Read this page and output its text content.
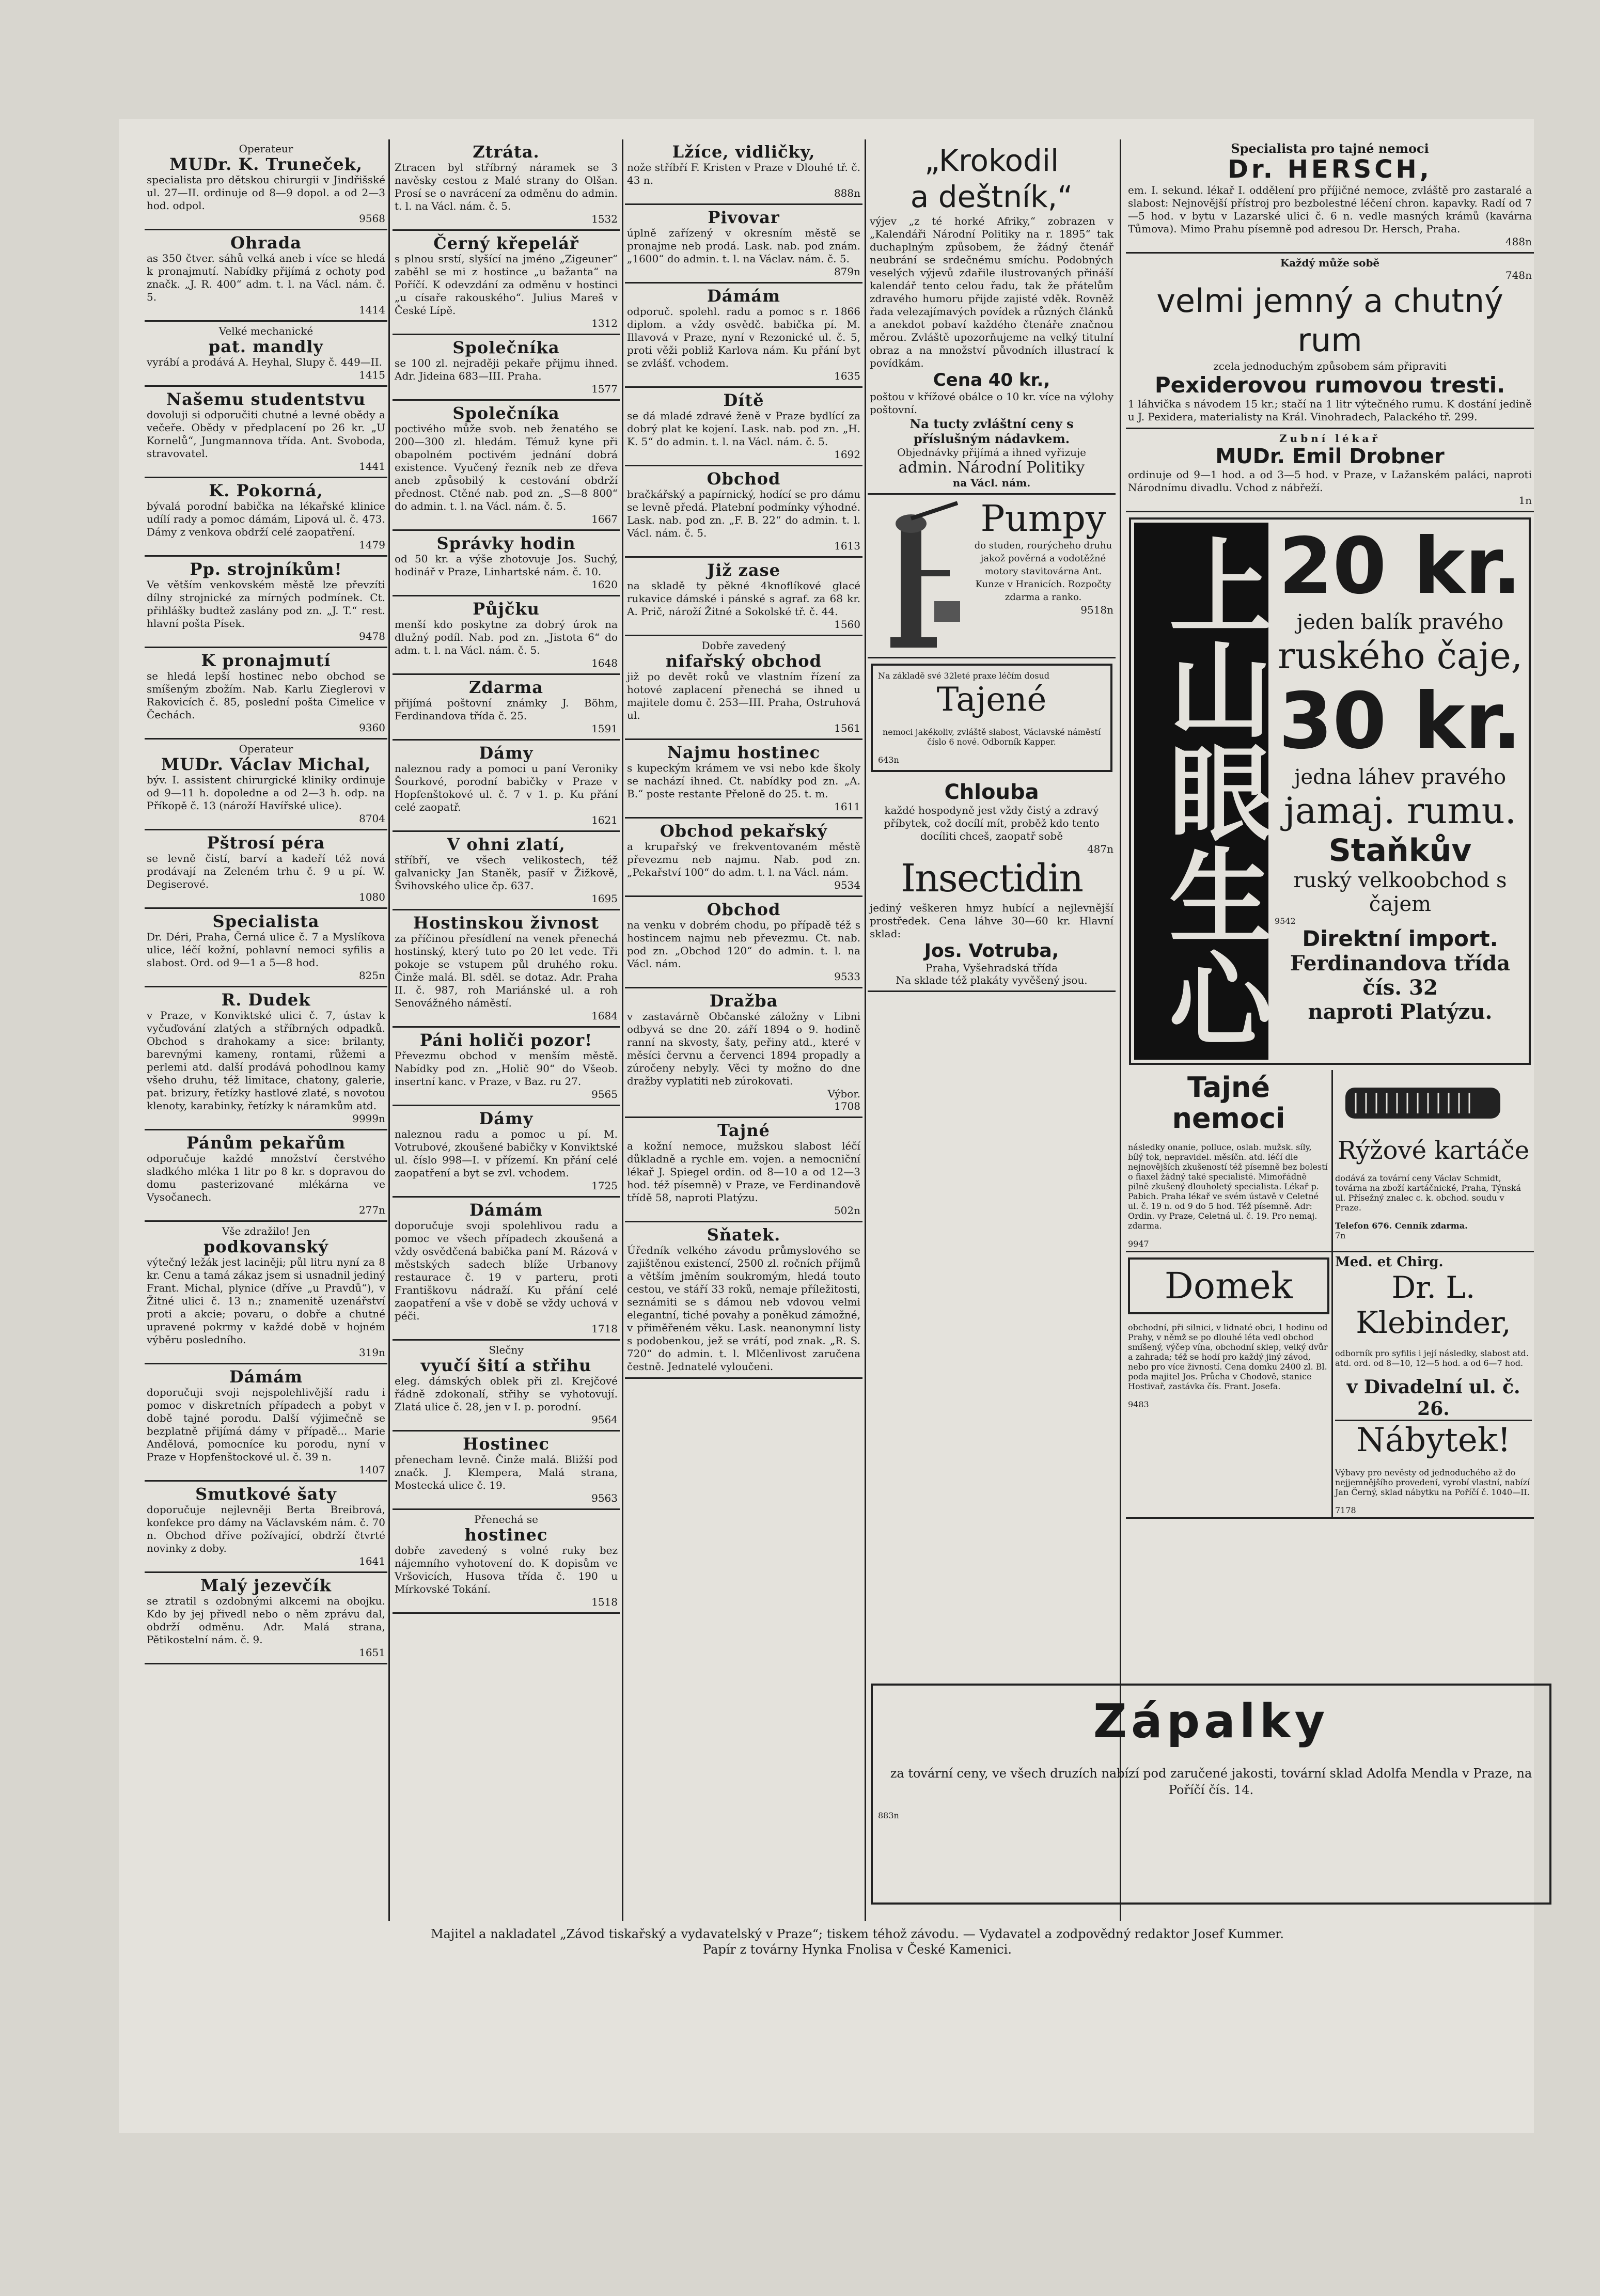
Operateur
MUDr. K. Truneček,

specialista pro dětskou chirurgii v Jindřišské ul. 27—II. ordinuje od 8—9 dopol. a od 2—3 hod. odpol.

9568
Ohrada

as 350 čtver. sáhů velká aneb i více se hledá k pronajmutí. Nabídky přijímá z ochoty pod značk. „J. R. 400“ adm. t. l. na Václ. nám. č. 5.

1414
Velké mechanické
pat. mandly

vyrábí a prodává A. Heyhal, Slupy č. 449—II.

1415
Našemu studentstvu

dovoluji si odporučiti chutné a levné obědy a večeře. Obědy v předplacení po 26 kr. „U Kornelů“, Jungmannova třída. Ant. Svoboda, stravovatel.

1441
K. Pokorná,

bývalá porodní babička na lékařské klinice udílí rady a pomoc dámám, Lipová ul. č. 473. Dámy z venkova obdrží celé zaopatření.

1479
Pp. strojníkům!

Ve větším venkovském městě lze převzíti dílny strojnické za mírných podmínek. Ct. přihlášky budtež zaslány pod zn. „J. T.“ rest. hlavní pošta Písek.

9478
K pronajmutí

se hledá lepší hostinec nebo obchod se smíšeným zbožím. Nab. Karlu Zieglerovi v Rakovicích č. 85, poslední pošta Cimelice v Čechách.

9360
Operateur
MUDr. Václav Michal,

býv. I. assistent chirurgické kliniky ordinuje od 9—11 h. dopoledne a od 2—3 h. odp. na Příkopě č. 13 (nároží Havířské ulice).

8704
Pštrosí péra

se levně čistí, barví a kadeří též nová prodávají na Zeleném trhu č. 9 u pí. W. Degiserové.

1080
Specialista

Dr. Déri, Praha, Černá ulice č. 7 a Myslíkova ulice, léčí kožní, pohlavní nemoci syfilis a slabost. Ord. od 9—1 a 5—8 hod.

825n
R. Dudek

v Praze, v Konviktské ulici č. 7, ústav k vyčuďování zlatých a stříbrných odpadků. Obchod s drahokamy a sice: brilanty, barevnými kameny, rontami, růžemi a perlemi atd. další prodává pohodlnou kamy všeho druhu, též limitace, chatony, galerie, pat. brizury, řetízky hastlové zlaté, s novotou klenoty, karabinky, řetízky k náramkům atd.

9999n
Pánům pekařům

odporučuje každé množství čerstvého sladkého mléka 1 litr po 8 kr. s dopravou do domu pasterizované mlékárna ve Vysočanech.

277n
Vše zdražilo! Jen
podkovanský

výtečný ležák jest laciněji; půl litru nyní za 8 kr. Cenu a tamá zákaz jsem si usnadnil jediný Frant. Michal, plynice (dříve „u Pravdů“), v Žitné ulici č. 13 n.; znamenitě uzenářství proti a akcie; povaru, o dobře a chutné upravené pokrmy v každé době v hojném výběru posledního.

319n
Dámám

doporučuji svoji nejspolehlivější radu i pomoc v diskretních případech a pobyt v době tajné porodu. Další výjimečně se bezplatně přijímá dámy v případě... Marie Andělová, pomocníce ku porodu, nyní v Praze v Hopfenštockové ul. č. 39 n.

1407
Smutkové šaty

doporučuje nejlevněji Berta Breibrová, konfekce pro dámy na Václavském nám. č. 70 n. Obchod dříve požívající, obdrží čtvrté novinky z doby.

1641
Malý jezevčík

se ztratil s ozdobnými alkcemi na obojku. Kdo by jej přivedl nebo o něm zprávu dal, obdrží odměnu. Adr. Malá strana, Pětikostelní nám. č. 9.

1651
Ztráta.

Ztracen byl stříbrný náramek se 3 navěsky cestou z Malé strany do Olšan. Prosí se o navrácení za odměnu do admin. t. l. na Václ. nám. č. 5.

1532
Černý křepelář

s plnou srstí, slyšící na jméno „Zigeuner“ zaběhl se mi z hostince „u bažanta“ na Poříčí. K odevzdání za odměnu v hostinci „u císaře rakouského“. Julius Mareš v České Lípě.

1312
Společníka

se 100 zl. nejraději pekaře přijmu ihned. Adr. Jideina 683—III. Praha.

1577
Společníka

poctivého může svob. neb ženatého se 200—300 zl. hledám. Témuž kyne při obapolném poctivém jednání dobrá existence. Vyučený řezník neb ze dřeva aneb způsobilý k cestování obdrží přednost. Ctěné nab. pod zn. „S—8 800“ do admin. t. l. na Václ. nám. č. 5.

1667
Správky hodin

od 50 kr. a výše zhotovuje Jos. Suchý, hodinář v Praze, Linhartské nám. č. 10.

1620
Půjčku

menší kdo poskytne za dobrý úrok na dlužný podíl. Nab. pod zn. „Jistota 6“ do adm. t. l. na Václ. nám. č. 5.

1648
Zdarma

přijímá poštovní známky J. Böhm, Ferdinandova třída č. 25.

1591
Dámy

naleznou rady a pomoci u paní Veroniky Šourkové, porodní babičky v Praze v Hopfenštokové ul. č. 7 v 1. p. Ku přání celé zaopatř.

1621
V ohni zlatí,

stříbří, ve všech velikostech, též galvanicky Jan Staněk, pasíř v Žižkově, Švihovského ulice čp. 637.

1695
Hostinskou živnost

za příčinou přesídlení na venek přenechá hostinský, který tuto po 20 let vede. Tři pokoje se vstupem půl druhého roku. Činže malá. Bl. sděl. se dotaz. Adr. Praha II. č. 987, roh Mariánské ul. a roh Senovážného náměstí.

1684
Páni holiči pozor!

Převezmu obchod v menším městě. Nabídky pod zn. „Holič 90“ do Všeob. insertní kanc. v Praze, v Baz. ru 27.

9565
Dámy

naleznou radu a pomoc u pí. M. Votrubové, zkoušené babičky v Konviktské ul. číslo 998—I. v přízemí. Kn přání celé zaopatření a byt se zvl. vchodem.

1725
Dámám

doporučuje svoji spolehlivou radu a pomoc ve všech případech zkoušená a vždy osvědčená babička paní M. Rázová v městských sadech blíže Urbanovy restaurace č. 19 v parteru, proti Františkovu nádraží. Ku přání celé zaopatření a vše v době se vždy uchová v péči.

1718
Slečny
vyučí šití a střihu

eleg. dámských oblek při zl. Krejčové řádně zdokonalí, střihy se vyhotovují. Zlatá ulice č. 28, jen v I. p. porodní.

9564
Hostinec

přenecham levně. Činže malá. Bližší pod značk. J. Klempera, Malá strana, Mostecká ulice č. 19.

9563
Přenechá se
hostinec

dobře zavedený s volné ruky bez nájemního vyhotovení do. K dopisům ve Vršovicích, Husova třída č. 190 u Mírkovské Tokání.

1518
Lžíce, vidličky,

nože stříbří F. Kristen v Praze v Dlouhé tř. č. 43 n.

888n
Pivovar

úplně zařízený v okresním městě se pronajme neb prodá. Lask. nab. pod znám. „1600“ do admin. t. l. na Václav. nám. č. 5.

879n
Dámám

odporuč. spolehl. radu a pomoc s r. 1866 diplom. a vždy osvědč. babička pí. M. Illavová v Praze, nyní v Rezonické ul. č. 5, proti věži pobliž Karlova nám. Ku přání byt se zvlášť. vchodem.

1635
Dítě

se dá mladé zdravé ženě v Praze bydlící za dobrý plat ke kojení. Lask. nab. pod zn. „H. K. 5“ do admin. t. l. na Václ. nám. č. 5.

1692
Obchod

bračkářský a papírnický, hodící se pro dámu se levně předá. Platební podmínky výhodné. Lask. nab. pod zn. „F. B. 22“ do admin. t. l. Václ. nám. č. 5.

1613
Již zase

na skladě ty pěkné 4knoflíkové glacé rukavice dámské i pánské s agraf. za 68 kr. A. Prič, nároží Žitné a Sokolské tř. č. 44.

1560
Dobře zavedený
nifařský obchod

již po devět roků ve vlastním řízení za hotové zaplacení přenechá se ihned u majitele domu č. 253—III. Praha, Ostruhová ul.

1561
Najmu hostinec

s kupeckým krámem ve vsi nebo kde školy se nachází ihned. Ct. nabídky pod zn. „A. B.“ poste restante Přeloně do 25. t. m.

1611
Obchod pekařský

a krupařský ve frekventovaném městě převezmu neb najmu. Nab. pod zn. „Pekařství 100“ do adm. t. l. na Václ. nám.

9534
Obchod

na venku v dobrém chodu, po případě též s hostincem najmu neb převezmu. Ct. nab. pod zn. „Obchod 120“ do admin. t. l. na Václ. nám.

9533
Dražba

v zastavárně Občanské záložny v Libni odbyvá se dne 20. září 1894 o 9. hodině ranní na skvosty, šaty, peřiny atd., které v měsíci červnu a červenci 1894 propadly a zúročeny nebyly. Věci ty možno do dne dražby vyplatiti neb zúrokovati.

Výbor.
1708
Tajné

a kožní nemoce, mužskou slabost léčí důkladně a rychle em. vojen. a nemocniční lékař J. Spiegel ordin. od 8—10 a od 12—3 hod. též písemně) v Praze, ve Ferdinandově třídě 58, naproti Platýzu.

502n
Sňatek.

Úředník velkého závodu průmyslového se zajištěnou existencí, 2500 zl. ročních příjmů a větším jměním soukromým, hledá touto cestou, ve stáří 33 roků, nemaje příležitosti, seznámiti se s dámou neb vdovou velmi elegantní, tiché povahy a poněkud zámožné, v přiměřeném věku. Lask. neanonymní listy s podobenkou, jež se vrátí, pod znak. „R. S. 720“ do admin. t. l. Mlčenlivost zaručena čestně. Jednatelé vyloučeni.

„Krokodil
a deštník,“

výjev „z té horké Afriky,“ zobrazen v „Kalendáři Národní Politiky na r. 1895“ tak duchaplným způsobem, že žádný čtenář neubrání se srdečnému smíchu. Podobných veselých výjevů zdařile ilustrovaných přináší kalendář tento celou řadu, tak že přátelům zdravého humoru přijde zajisté vděk. Rovněž řada velezajímavých povídek a různých článků a anekdot pobaví každého čtenáře značnou měrou. Zvláště upozorňujeme na velký titulní obraz a na množství původních illustrací k povídkám.

Cena 40 kr.,

poštou v křížové obálce o 10 kr. více na výlohy poštovní.

Na tucty zvláštní ceny s příslušným nádavkem.
Objednávky přijímá a ihned vyřizuje
admin. Národní Politiky
na Václ. nám.
Pumpy

do studen, rourýcheho druhu jakož pověrná a vodotěžné motory stavitovárna Ant. Kunze v Hranicích. Rozpočty zdarma a ranko.

9518n
Na základě své 32leté praxe léčím dosud
Tajené

nemoci jakékoliv, zvláště slabost, Václavské náměstí číslo 6 nové. Odborník Kapper.

643n
Chlouba

každé hospodyně jest vždy čistý a zdravý příbytek, což docílí mít, proběž kdo tento docíliti chceš, zaopatř sobě

487n
Insectidin

jediný veškeren hmyz hubící a nejlevnější prostředek. Cena láhve 30—60 kr. Hlavní sklad:

Jos. Votruba,
Praha, Vyšehradská třída
Na sklade též plakáty vyvěšený jsou.
Specialista pro tajné nemoci
Dr. HERSCH,

em. I. sekund. lékař I. oddělení pro příjičné nemoce, zvláště pro zastaralé a slabost: Nejnovější přístroj pro bezbolestné léčení chron. kapavky. Radí od 7—5 hod. v bytu v Lazarské ulici č. 6 n. vedle masných krámů (kavárna Tůmova). Mimo Prahu písemně pod adresou Dr. Hersch, Praha.

488n
Každý může sobě
748n
velmi jemný a chutný rum
zcela jednoduchým způsobem sám připraviti
Pexiderovou rumovou tresti.

1 láhvička s návodem 15 kr.; stačí na 1 litr výtečného rumu. K dostání jedině u J. Pexidera, materialisty na Král. Vinohradech, Palackého tř. 299.

Zubní lékař
MUDr. Emil Drobner

ordinuje od 9—1 hod. a od 3—5 hod. v Praze, v Lažanském paláci, naproti Národnímu divadlu. Vchod z nábřeží.

1n
上山眼生心 20 kr.
jeden balík pravého
ruského čaje,
30 kr.
jedna láhev pravého
jamaj. rumu.
Staňkův
ruský velkoobchod s čajem
9542
Direktní import.
Ferdinandova třída čís. 32
naproti Platýzu.
Tajné nemoci

následky onanie, pollucе, oslab. mužsk. síly, bílý tok, nepravidel. měsíčn. atd. léčí dle nejnovějších zkušeností též písemně bez bolestí o fiaxel žádný také specialisté. Mimořádně pilně zkušený dlouholetý specialista. Lékař p. Pabich. Praha lékař ve svém ústavě v Celetné ul. č. 19 n. od 9 do 5 hod. Též písemně. Adr: Ordin. vy Praze, Celetná ul. č. 19. Pro nemaj. zdarma.

9947
Rýžové kartáče

dodává za tovární ceny Václav Schmidt, továrna na zboží kartáčnické, Praha, Týnská ul. Přísežný znalec c. k. obchod. soudu v Praze.

Telefon 676. Cenník zdarma.
7n
Domek

obchodní, při silnici, v lidnaté obci, 1 hodinu od Prahy, v němž se po dlouhé léta vedl obchod smíšený, výčep vína, obchodní sklep, velký dvůr a zahrada; též se hodí pro každý jiný závod, nebo pro více živností. Cena domku 2400 zl. Bl. poda majitel Jos. Průcha v Chodově, stanice Hostivař, zastávka čís. Frant. Josefa.

9483
Med. et Chirg.
Dr. L. Klebinder,

odborník pro syfilis i její následky, slabost atd. atd. ord. od 8—10, 12—5 hod. a od 6—7 hod.

v Divadelní ul. č. 26.
Nábytek!

Výbavy pro nevěsty od jednoduchého až do nejjemnějšího provedení, vyrobí vlastní, nabízí Jan Černý, sklad nábytku na Poříčí č. 1040—II.

7178
Zápalky

za tovární ceny, ve všech druzích nabízí pod zaručené jakosti, tovární sklad Adolfa Mendla v Praze, na Poříčí čís. 14.

883n
Majitel a nakladatel „Závod tiskařský a vydavatelský v Praze“; tiskem téhož závodu. — Vydavatel a zodpovědný redaktor Josef Kummer.
Papír z továrny Hynka Fnolisa v České Kamenici.
